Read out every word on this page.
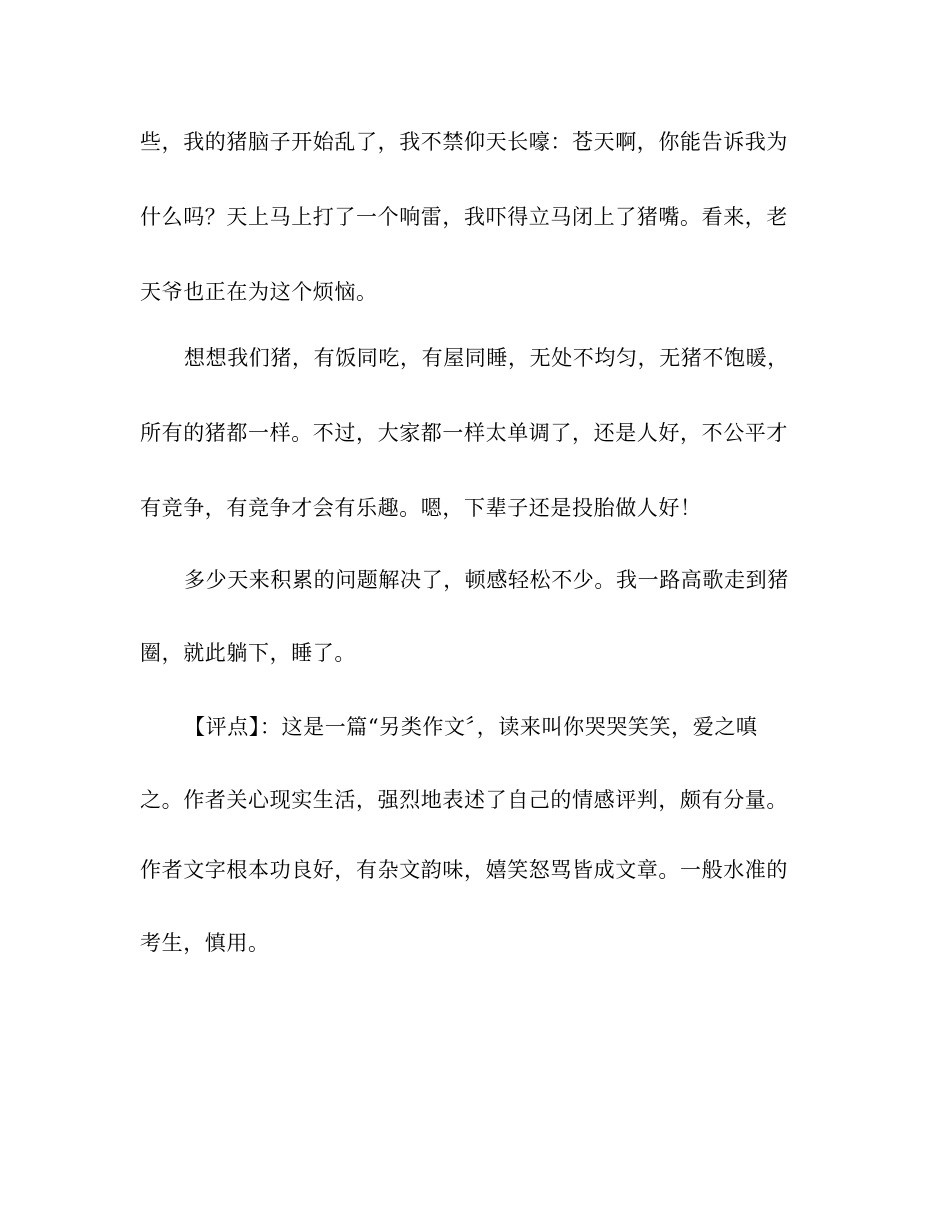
些，我的猪脑子开始乱了，我不禁仰天长嚎：苍天啊，你能告诉我为
什么吗？天上马上打了一个响雷，我吓得立马闭上了猪嘴。看来，老
天爷也正在为这个烦恼。
想想我们猪，有饭同吃，有屋同睡，无处不均匀，无猪不饱暖，
所有的猪都一样。不过，大家都一样太单调了，还是人好，不公平才
有竞争，有竞争才会有乐趣。嗯，下辈子还是投胎做人好！
多少天来积累的问题解决了，顿感轻松不少。我一路高歌走到猪
圈，就此躺下，睡了。
【评点】：这是一篇“另类作文〞，读来叫你哭哭笑笑，爱之嗔
之。作者关心现实生活，强烈地表述了自己的情感评判，颇有分量。
作者文字根本功良好，有杂文韵味，嬉笑怒骂皆成文章。一般水准的
考生，慎用。
